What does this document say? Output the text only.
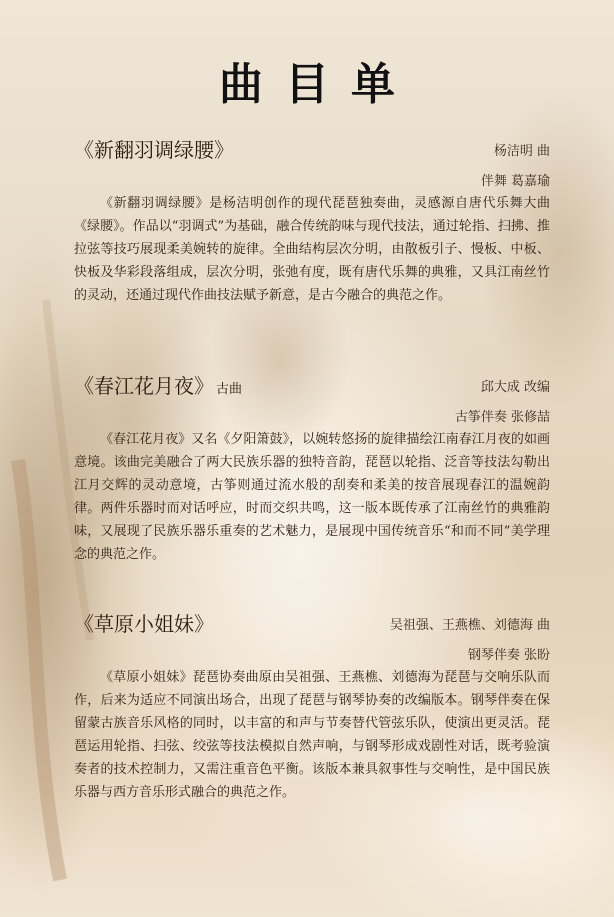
曲目单
《新翻羽调绿腰》	杨洁明 曲
伴舞 葛嘉瑜

《新翻羽调绿腰》是杨洁明创作的现代琵琶独奏曲，灵感源自唐代乐舞大曲《绿腰》。作品以“羽调式”为基础，融合传统韵味与现代技法，通过轮指、扫拂、推拉弦等技巧展现柔美婉转的旋律。全曲结构层次分明，由散板引子、慢板、中板、快板及华彩段落组成，层次分明，张弛有度，既有唐代乐舞的典雅，又具江南丝竹的灵动，还通过现代作曲技法赋予新意，是古今融合的典范之作。

《春江花月夜》 古曲	邱大成 改编
古筝伴奏 张修喆

《春江花月夜》又名《夕阳箫鼓》，以婉转悠扬的旋律描绘江南春江月夜的如画意境。该曲完美融合了两大民族乐器的独特音韵，琵琶以轮指、泛音等技法勾勒出江月交辉的灵动意境，古筝则通过流水般的刮奏和柔美的按音展现春江的温婉韵律。两件乐器时而对话呼应，时而交织共鸣，这一版本既传承了江南丝竹的典雅韵味，又展现了民族乐器乐重奏的艺术魅力，是展现中国传统音乐“和而不同”美学理念的典范之作。

《草原小姐妹》	吴祖强、王燕樵、刘德海 曲
钢琴伴奏 张盼

《草原小姐妹》琵琶协奏曲原由吴祖强、王燕樵、刘德海为琵琶与交响乐队而作，后来为适应不同演出场合，出现了琵琶与钢琴协奏的改编版本。钢琴伴奏在保留蒙古族音乐风格的同时，以丰富的和声与节奏替代管弦乐队，使演出更灵活。琵琶运用轮指、扫弦、绞弦等技法模拟自然声响，与钢琴形成戏剧性对话，既考验演奏者的技术控制力，又需注重音色平衡。该版本兼具叙事性与交响性，是中国民族乐器与西方音乐形式融合的典范之作。
